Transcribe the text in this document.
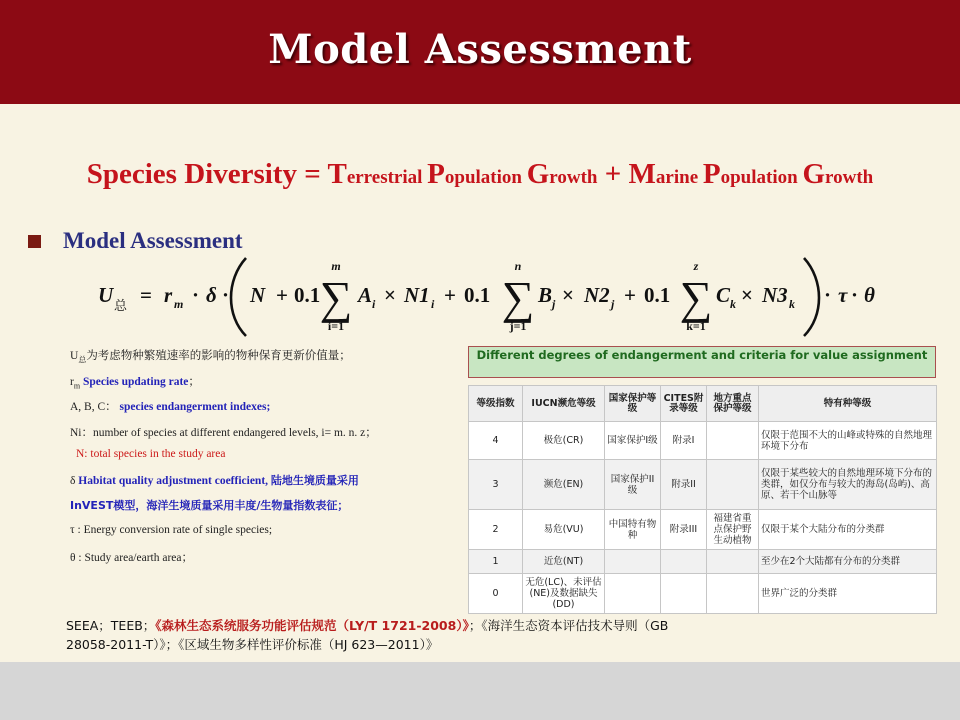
Model Assessment
Species Diversity = Terrestrial Population Growth + Marine Population Growth
Model Assessment
U 总 = r m · δ · N + 0.1
m
∑
i=1
A i × N1 i + 0.1
n
∑
j=1
B j × N2 j + 0.1
z
∑
k=1
C k × N3 k · τ · θ
$U_总$为考虑物种繁殖速率的影响的物种保育更新价值量；
$r_m$ Species updating rate；
A, B, C： species endangerment indexes;
Ni：number of species at different endangered levels, i= m. n. z；
N: total species in the study area
δ Habitat quality adjustment coefficient, 陆地生境质量采用
InVEST模型，海洋生境质量采用丰度/生物量指数表征；
τ : Energy conversion rate of single species;
θ : Study area/earth area；
Different degrees of endangerment and criteria for value assignment
等级指数	IUCN濒危等级	国家保护等级	CITES附录等级	地方重点保护等级	特有种等级
4	极危(CR)	国家保护I级	附录I		仅限于范围不大的山峰或特殊的自然地理环境下分布
3	濒危(EN)	国家保护II级	附录II		仅限于某些较大的自然地理环境下分布的类群，如仅分布与较大的海岛(岛屿)、高原、若干个山脉等
2	易危(VU)	中国特有物种	附录III	福建省重点保护野生动植物	仅限于某个大陆分布的分类群
1	近危(NT)				至少在2个大陆都有分布的分类群
0	无危(LC)、未评估(NE)及数据缺失(DD)				世界广泛的分类群
SEEA；TEEB；《森林生态系统服务功能评估规范（LY/T 1721-2008）》；《海洋生态资本评估技术导则（GB 28058-2011-T）》；《区域生物多样性评价标准（HJ 623—2011）》
